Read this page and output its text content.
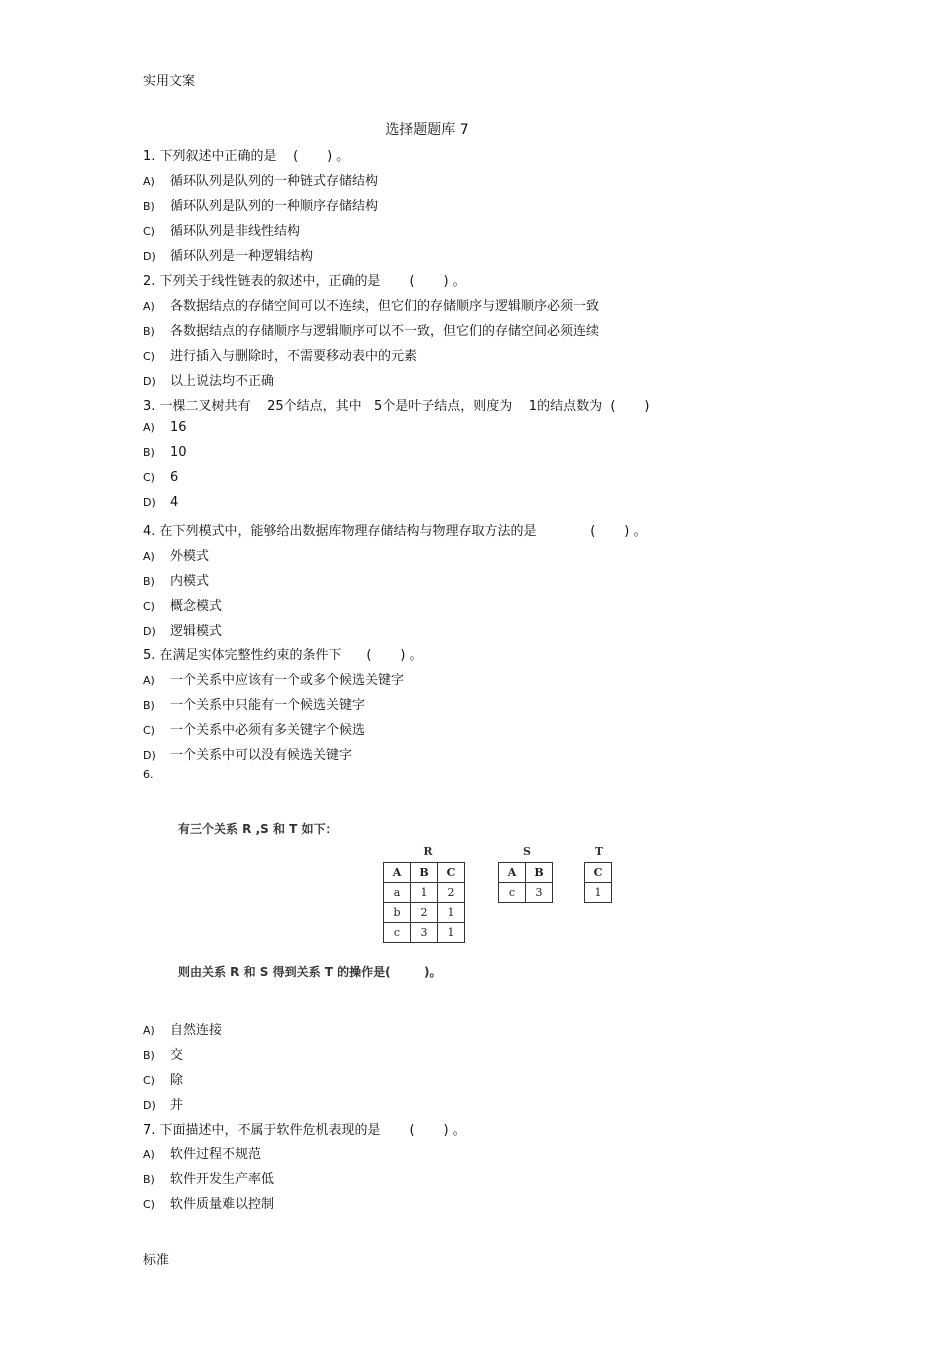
实用文案
选择题题库 7
1. 下列叙述中正确的是    (       ) 。
A) 循环队列是队列的一种链式存储结构
B) 循环队列是队列的一种顺序存储结构
C) 循环队列是非线性结构
D) 循环队列是一种逻辑结构
2. 下列关于线性链表的叙述中，正确的是       (       ) 。
A) 各数据结点的存储空间可以不连续，但它们的存储顺序与逻辑顺序必须一致
B) 各数据结点的存储顺序与逻辑顺序可以不一致，但它们的存储空间必须连续
C) 进行插入与删除时，不需要移动表中的元素
D) 以上说法均不正确
3. 一棵二叉树共有    25个结点，其中   5个是叶子结点，则度为    1的结点数为  (       )
A) 16
B) 10
C) 6
D) 4
4. 在下列模式中，能够给出数据库物理存储结构与物理存取方法的是             (       ) 。
A) 外模式
B) 内模式
C) 概念模式
D) 逻辑模式
5. 在满足实体完整性约束的条件下      (       ) 。
A) 一个关系中应该有一个或多个候选关键字
B) 一个关系中只能有一个候选关键字
C) 一个关系中必须有多关键字个候选
D) 一个关系中可以没有候选关键字
6.
有三个关系 R ,S 和 T 如下：
R
A	B	C
a	1	2
b	2	1
c	3	1
S
A	B
c	3
T
C
1
则由关系 R 和 S 得到关系 T 的操作是(        )。
A) 自然连接
B) 交
C) 除
D) 并
7. 下面描述中，不属于软件危机表现的是       (       ) 。
A) 软件过程不规范
B) 软件开发生产率低
C) 软件质量难以控制
标准
